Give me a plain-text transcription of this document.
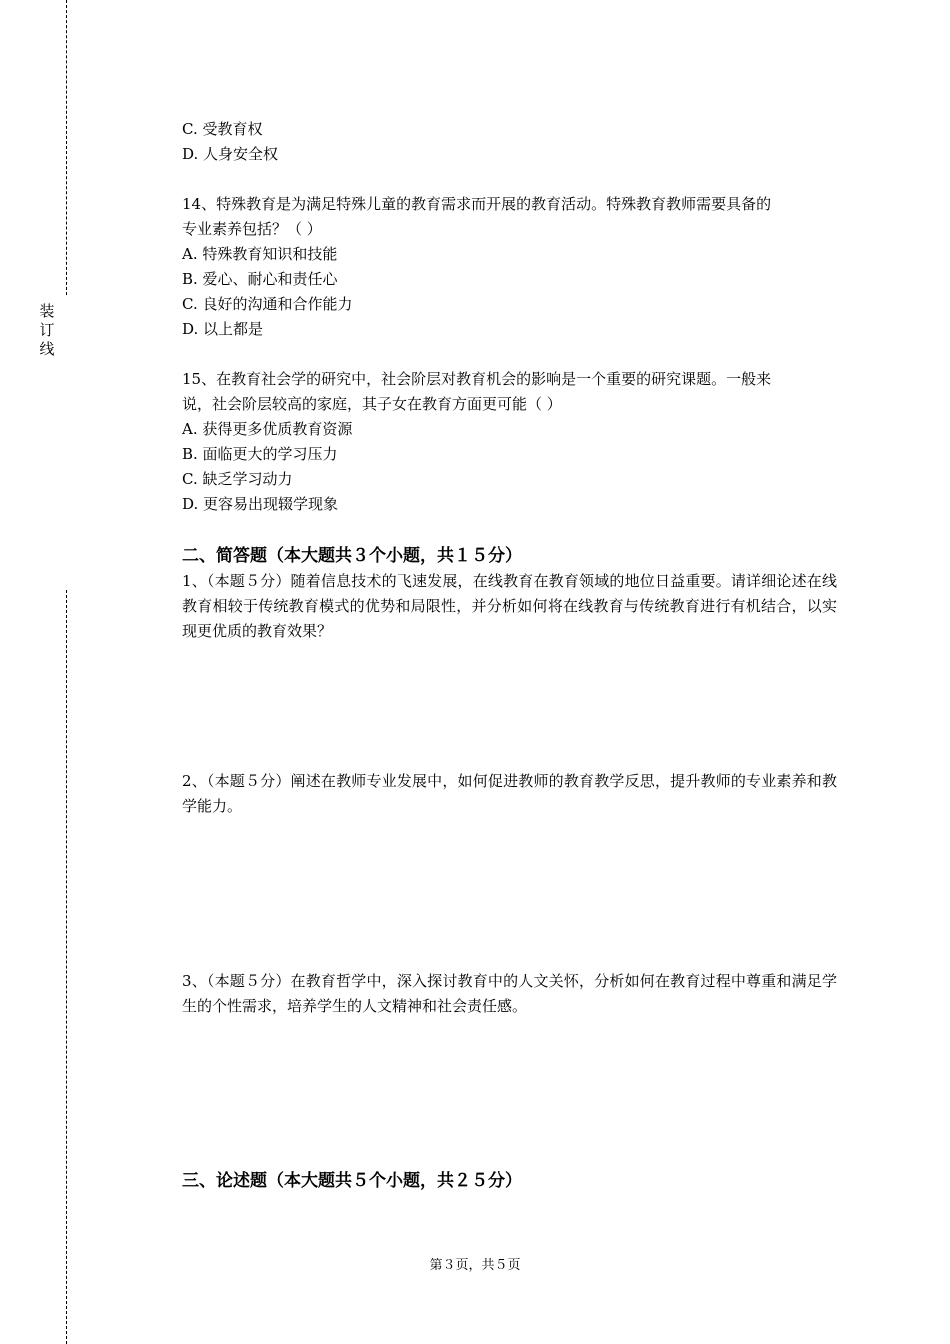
装
订
线
C. 受教育权
D. 人身安全权
14、特殊教育是为满足特殊儿童的教育需求而开展的教育活动。特殊教育教师需要具备的
专业素养包括？（ ）
A. 特殊教育知识和技能
B. 爱心、耐心和责任心
C. 良好的沟通和合作能力
D. 以上都是
15、在教育社会学的研究中，社会阶层对教育机会的影响是一个重要的研究课题。一般来
说，社会阶层较高的家庭，其子女在教育方面更可能（ ）
A. 获得更多优质教育资源
B. 面临更大的学习压力
C. 缺乏学习动力
D. 更容易出现辍学现象
二、简答题（本大题共３个小题，共１５分）
1、（本题５分）随着信息技术的飞速发展，在线教育在教育领域的地位日益重要。请详细论述在线教育相较于传统教育模式的优势和局限性，并分析如何将在线教育与传统教育进行有机结合，以实现更优质的教育效果？
2、（本题５分）阐述在教师专业发展中，如何促进教师的教育教学反思，提升教师的专业素养和教学能力。
3、（本题５分）在教育哲学中，深入探讨教育中的人文关怀，分析如何在教育过程中尊重和满足学生的个性需求，培养学生的人文精神和社会责任感。
三、论述题（本大题共５个小题，共２５分）
第３页，共５页
